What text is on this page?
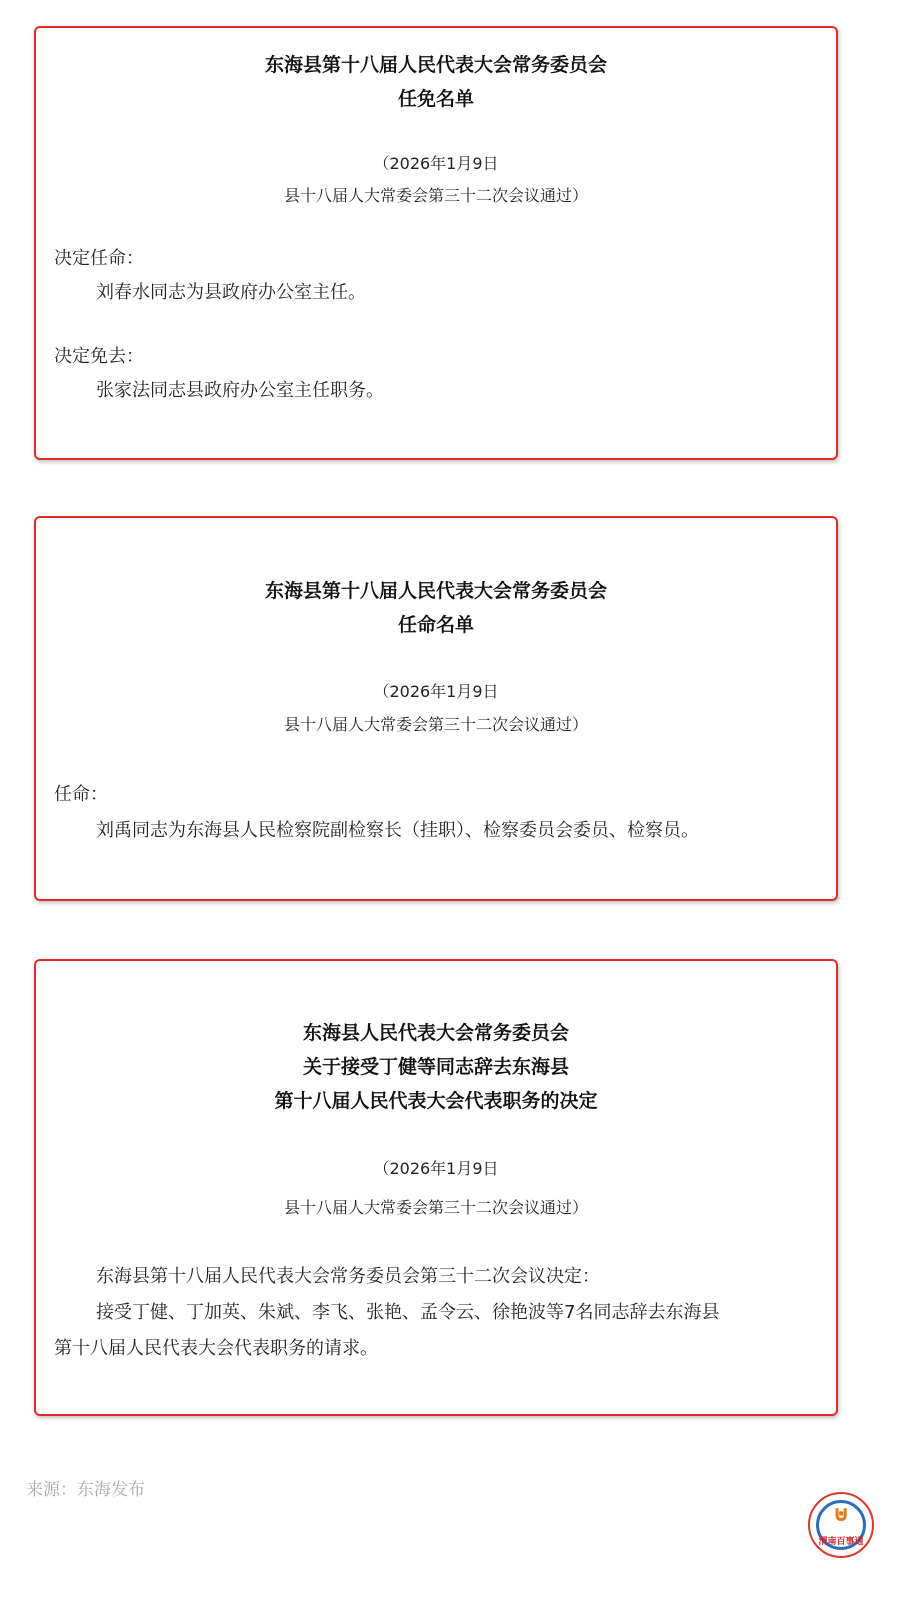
东海县第十八届人民代表大会常务委员会
任免名单
（2026年1月9日
县十八届人大常委会第三十二次会议通过）
决定任命：
刘春水同志为县政府办公室主任。
决定免去：
张家法同志县政府办公室主任职务。
东海县第十八届人民代表大会常务委员会
任命名单
（2026年1月9日
县十八届人大常委会第三十二次会议通过）
任命：
刘禹同志为东海县人民检察院副检察长（挂职）、检察委员会委员、检察员。
东海县人民代表大会常务委员会
关于接受丁健等同志辞去东海县
第十八届人民代表大会代表职务的决定
（2026年1月9日
县十八届人大常委会第三十二次会议通过）
东海县第十八届人民代表大会常务委员会第三十二次会议决定：
接受丁健、丁加英、朱斌、李飞、张艳、孟令云、徐艳波等7名同志辞去东海县
第十八届人民代表大会代表职务的请求。
来源：东海发布
⊍
渭南百事通
